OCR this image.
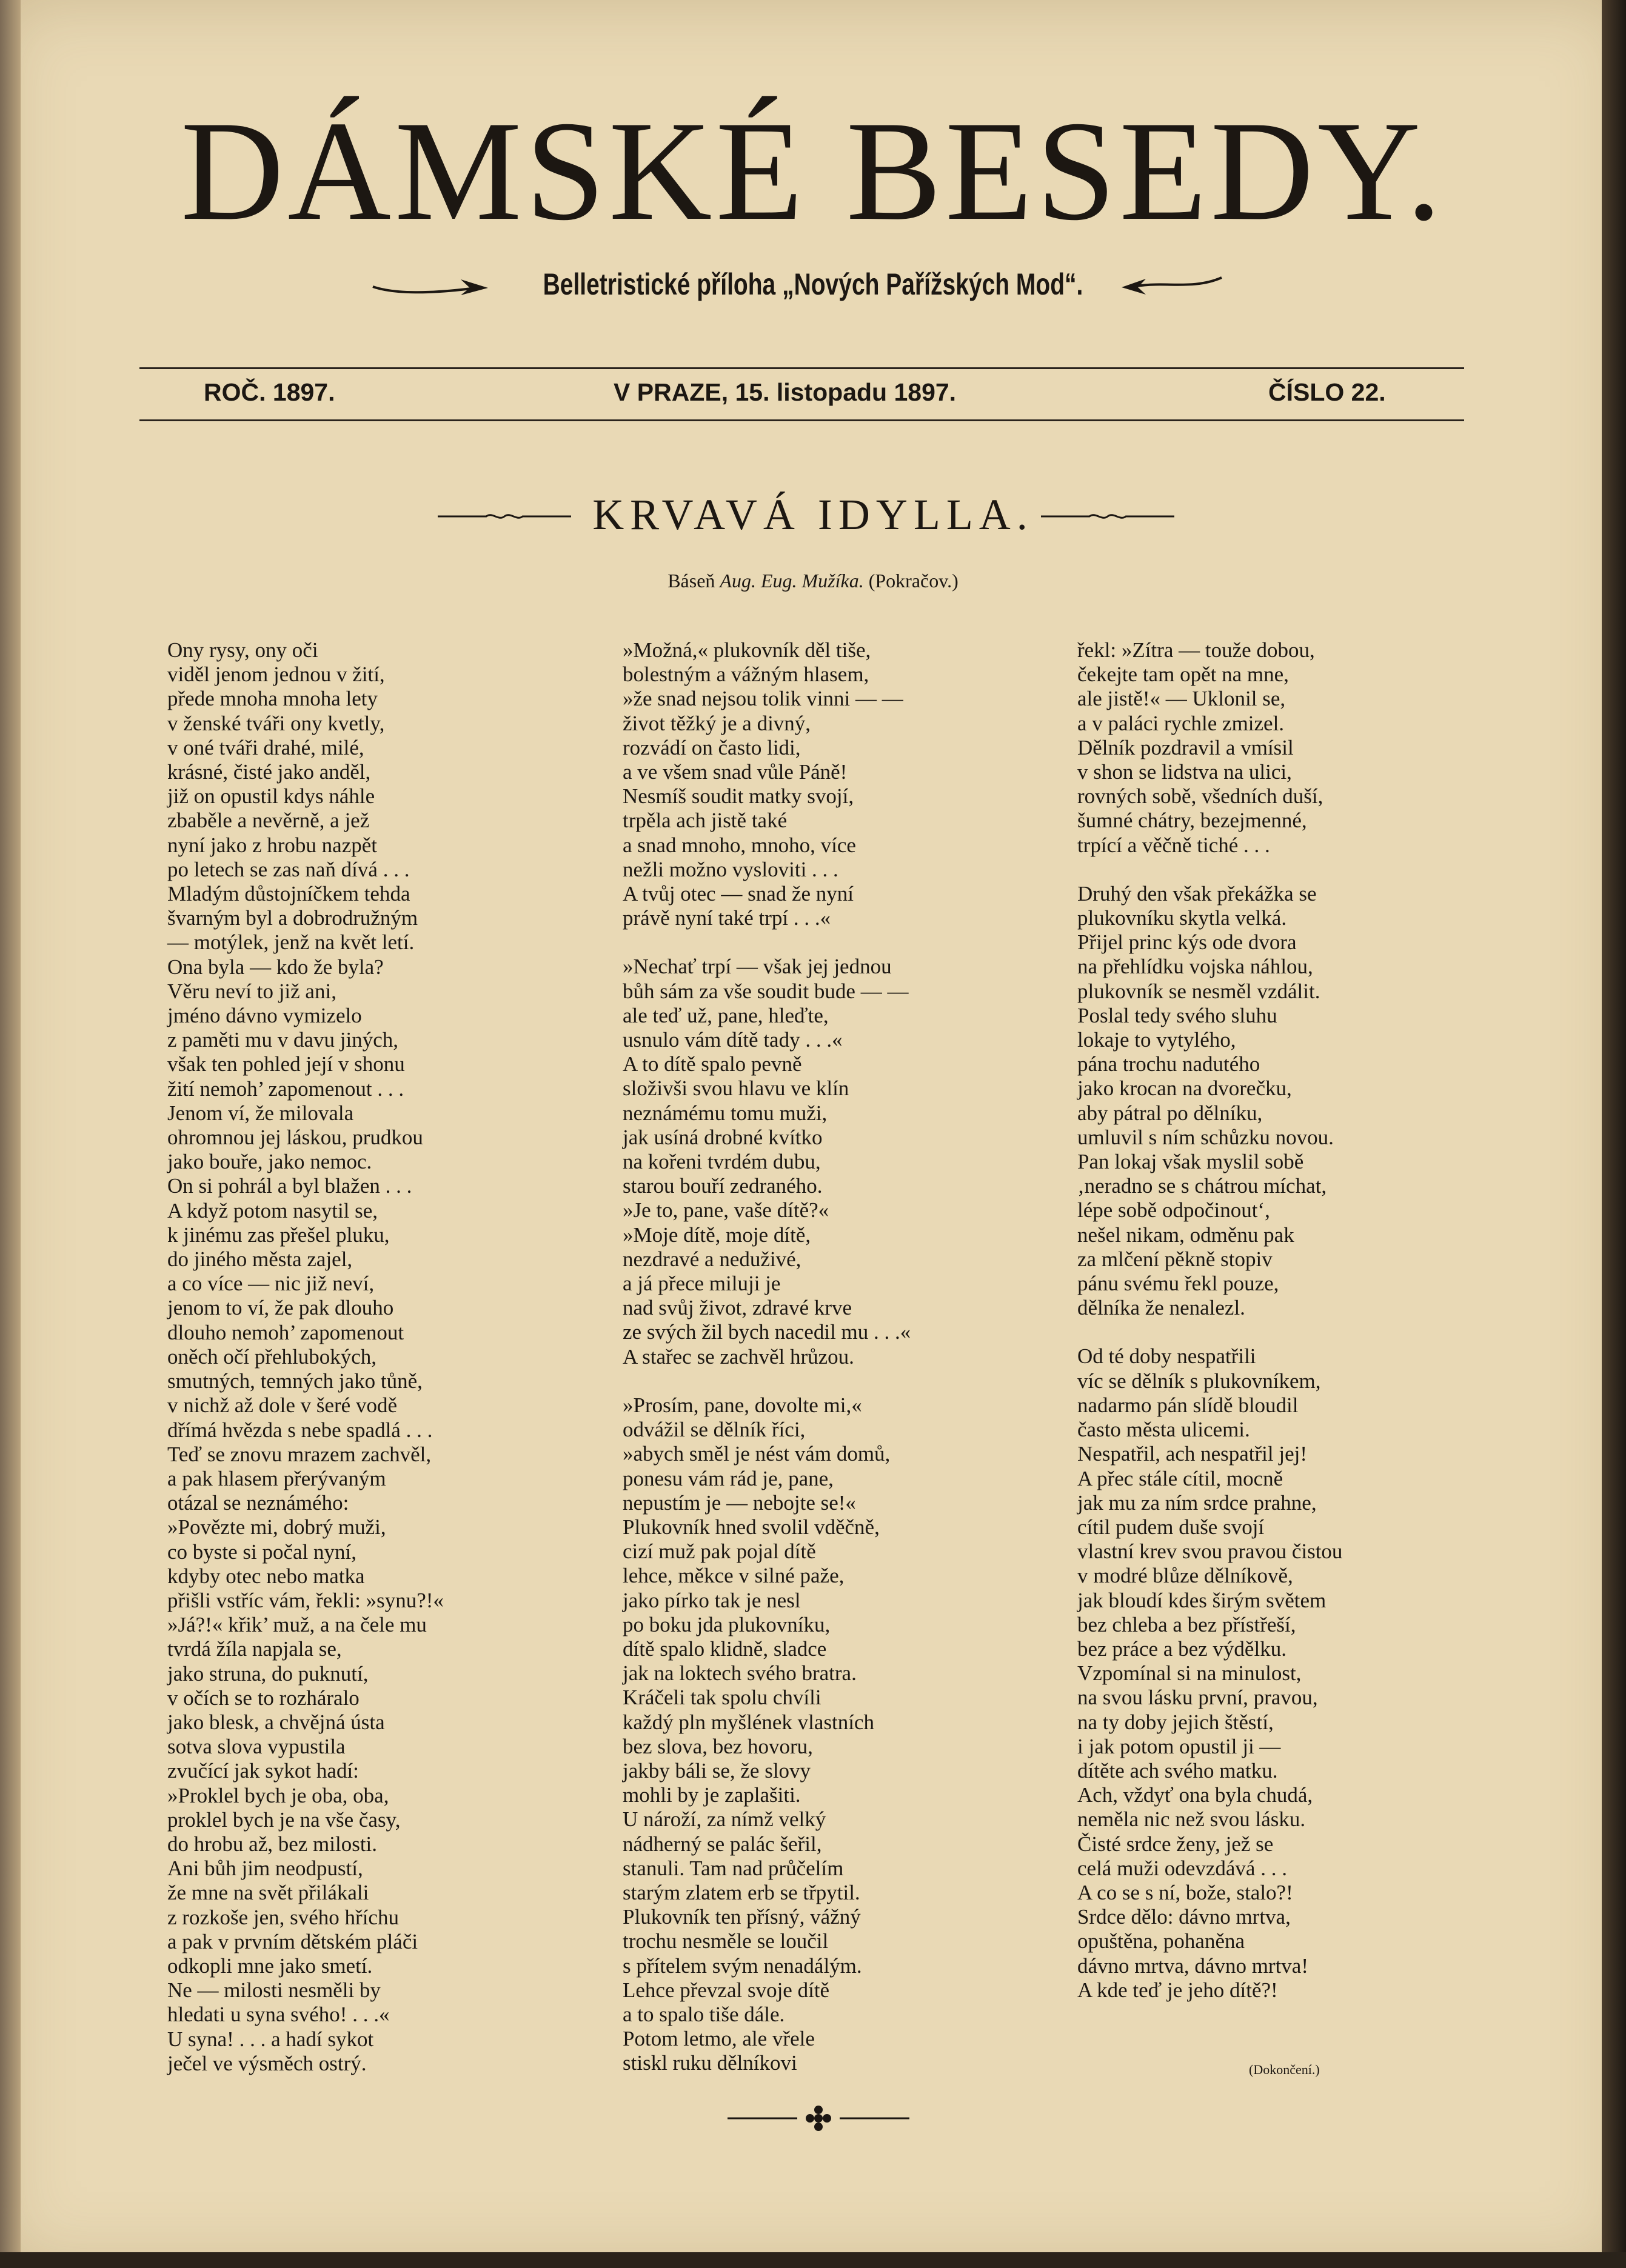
DÁMSKÉ BESEDY.
Belletristické příloha „Nových Pařížských Mod“.
ROČ. 1897.	V PRAZE, 15. listopadu 1897.	ČÍSLO 22.
KRVAVÁ IDYLLA.
Báseň Aug. Eug. Mužíka. (Pokračov.)
Ony rysy, ony oči
viděl jenom jednou v žití,
přede mnoha mnoha lety
v ženské tváři ony kvetly,
v oné tváři drahé, milé,
krásné, čisté jako anděl,
již on opustil kdys náhle
zbaběle a nevěrně, a jež
nyní jako z hrobu nazpět
po letech se zas naň dívá . . .
Mladým důstojníčkem tehda
švarným byl a dobrodružným
— motýlek, jenž na květ letí.
Ona byla — kdo že byla?
Věru neví to již ani,
jméno dávno vymizelo
z paměti mu v davu jiných,
však ten pohled její v shonu
žití nemoh’ zapomenout . . .
Jenom ví, že milovala
ohromnou jej láskou, prudkou
jako bouře, jako nemoc.
On si pohrál a byl blažen . . .
A když potom nasytil se,
k jinému zas přešel pluku,
do jiného města zajel,
a co více — nic již neví,
jenom to ví, že pak dlouho
dlouho nemoh’ zapomenout
oněch očí přehlubokých,
smutných, temných jako tůně,
v nichž až dole v šeré vodě
dřímá hvězda s nebe spadlá . . .
Teď se znovu mrazem zachvěl,
a pak hlasem přerývaným
otázal se neznámého:
»Povězte mi, dobrý muži,
co byste si počal nyní,
kdyby otec nebo matka
přišli vstříc vám, řekli: »synu?!«
»Já?!« křik’ muž, a na čele mu
tvrdá žíla napjala se,
jako struna, do puknutí,
v očích se to rozháralo
jako blesk, a chvějná ústa
sotva slova vypustila
zvučící jak sykot hadí:
»Proklel bych je oba, oba,
proklel bych je na vše časy,
do hrobu až, bez milosti.
Ani bůh jim neodpustí,
že mne na svět přilákali
z rozkoše jen, svého hříchu
a pak v prvním dětském pláči
odkopli mne jako smetí.
Ne — milosti nesměli by
hledati u syna svého! . . .«
U syna! . . . a hadí sykot
ječel ve výsměch ostrý.
»Možná,« plukovník děl tiše,
bolestným a vážným hlasem,
»že snad nejsou tolik vinni — —
život těžký je a divný,
rozvádí on často lidi,
a ve všem snad vůle Páně!
Nesmíš soudit matky svojí,
trpěla ach jistě také
a snad mnoho, mnoho, více
nežli možno vysloviti . . .
A tvůj otec — snad že nyní
právě nyní také trpí . . .«
»Nechať trpí — však jej jednou
bůh sám za vše soudit bude — —
ale teď už, pane, hleďte,
usnulo vám dítě tady . . .«
A to dítě spalo pevně
složivši svou hlavu ve klín
neznámému tomu muži,
jak usíná drobné kvítko
na kořeni tvrdém dubu,
starou bouří zedraného.
»Je to, pane, vaše dítě?«
»Moje dítě, moje dítě,
nezdravé a neduživé,
a já přece miluji je
nad svůj život, zdravé krve
ze svých žil bych nacedil mu . . .«
A stařec se zachvěl hrůzou.
»Prosím, pane, dovolte mi,«
odvážil se dělník říci,
»abych směl je nést vám domů,
ponesu vám rád je, pane,
nepustím je — nebojte se!«
Plukovník hned svolil vděčně,
cizí muž pak pojal dítě
lehce, měkce v silné paže,
jako pírko tak je nesl
po boku jda plukovníku,
dítě spalo klidně, sladce
jak na loktech svého bratra.
Kráčeli tak spolu chvíli
každý pln myšlének vlastních
bez slova, bez hovoru,
jakby báli se, že slovy
mohli by je zaplašiti.
U nároží, za nímž velký
nádherný se palác šeřil,
stanuli. Tam nad průčelím
starým zlatem erb se třpytil.
Plukovník ten přísný, vážný
trochu nesměle se loučil
s přítelem svým nenadálým.
Lehce převzal svoje dítě
a to spalo tiše dále.
Potom letmo, ale vřele
stiskl ruku dělníkovi
řekl: »Zítra — touže dobou,
čekejte tam opět na mne,
ale jistě!« — Uklonil se,
a v paláci rychle zmizel.
Dělník pozdravil a vmísil
v shon se lidstva na ulici,
rovných sobě, všedních duší,
šumné chátry, bezejmenné,
trpící a věčně tiché . . .
Druhý den však překážka se
plukovníku skytla velká.
Přijel princ kýs ode dvora
na přehlídku vojska náhlou,
plukovník se nesměl vzdálit.
Poslal tedy svého sluhu
lokaje to vytylého,
pána trochu nadutého
jako krocan na dvorečku,
aby pátral po dělníku,
umluvil s ním schůzku novou.
Pan lokaj však myslil sobě
‚neradno se s chátrou míchat,
lépe sobě odpočinout‘,
nešel nikam, odměnu pak
za mlčení pěkně stopiv
pánu svému řekl pouze,
dělníka že nenalezl.
Od té doby nespatřili
víc se dělník s plukovníkem,
nadarmo pán slídě bloudil
často města ulicemi.
Nespatřil, ach nespatřil jej!
A přec stále cítil, mocně
jak mu za ním srdce prahne,
cítil pudem duše svojí
vlastní krev svou pravou čistou
v modré blůze dělníkově,
jak bloudí kdes širým světem
bez chleba a bez přístřeší,
bez práce a bez výdělku.
Vzpomínal si na minulost,
na svou lásku první, pravou,
na ty doby jejich štěstí,
i jak potom opustil ji —
dítěte ach svého matku.
Ach, vždyť ona byla chudá,
neměla nic než svou lásku.
Čisté srdce ženy, jež se
celá muži odevzdává . . .
A co se s ní, bože, stalo?!
Srdce dělo: dávno mrtva,
opuštěna, pohaněna
dávno mrtva, dávno mrtva!
A kde teď je jeho dítě?!
(Dokončení.)
